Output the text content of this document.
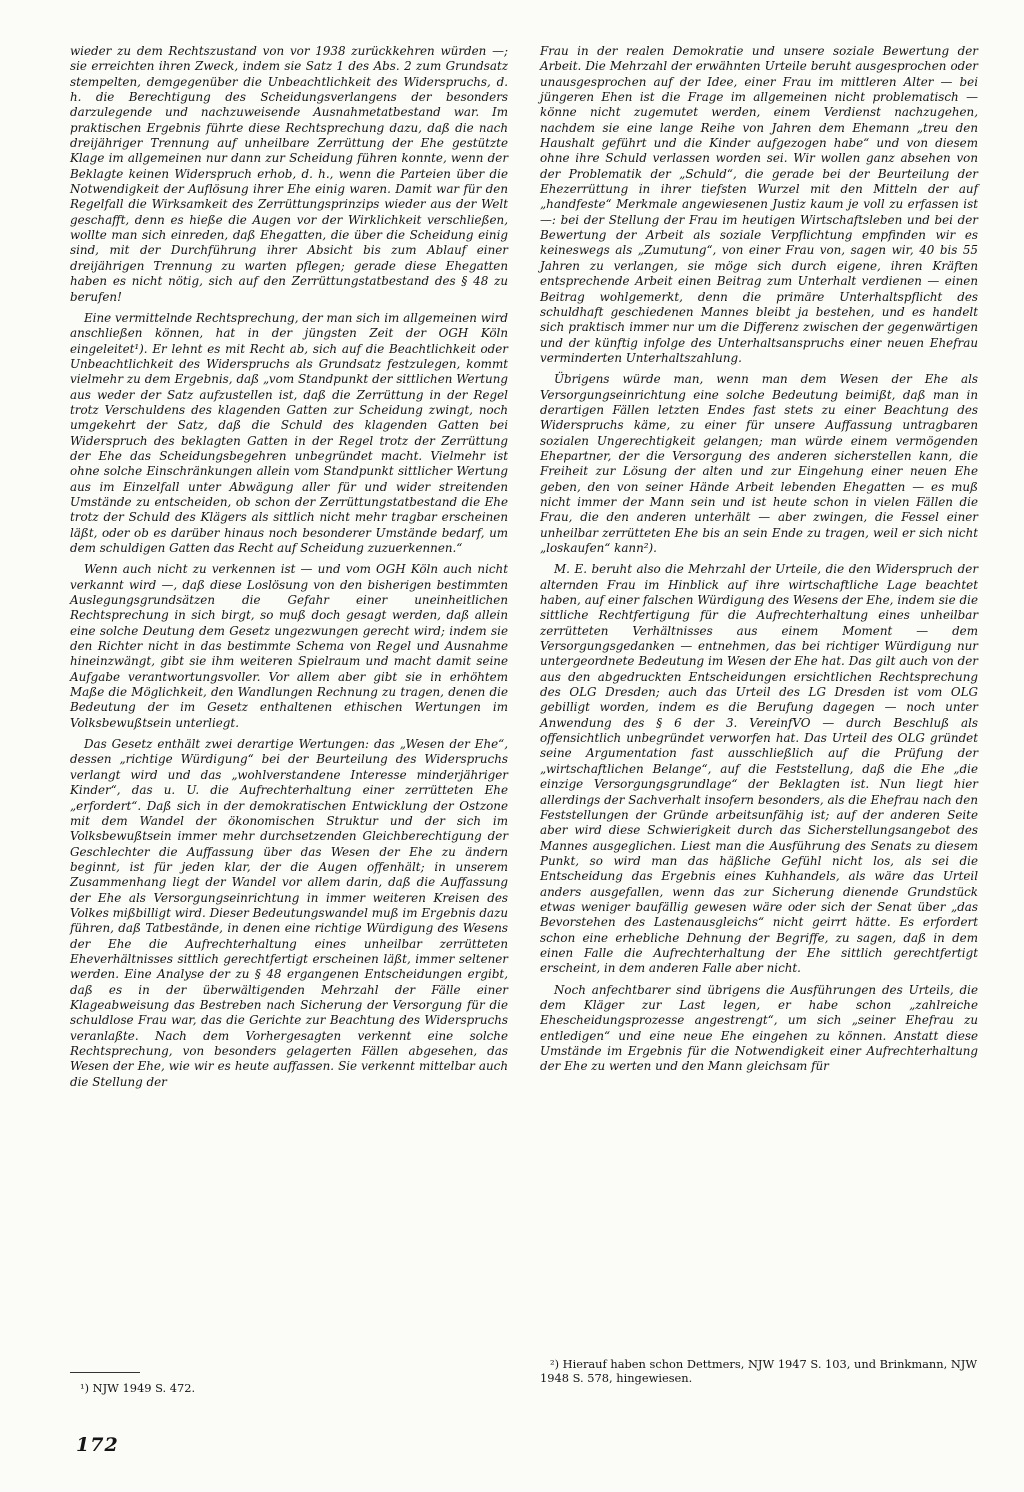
wieder zu dem Rechtszustand von vor 1938 zurückkehren würden —; sie erreichten ihren Zweck, indem sie Satz 1 des Abs. 2 zum Grundsatz stempelten, demgegenüber die Unbeachtlichkeit des Widerspruchs, d. h. die Berechtigung des Scheidungsverlangens der besonders darzulegende und nachzuweisende Ausnahmetatbestand war. Im praktischen Ergebnis führte diese Rechtsprechung dazu, daß die nach dreijähriger Trennung auf unheilbare Zerrüttung der Ehe gestützte Klage im allgemeinen nur dann zur Scheidung führen konnte, wenn der Beklagte keinen Widerspruch erhob, d. h., wenn die Parteien über die Notwendigkeit der Auflösung ihrer Ehe einig waren. Damit war für den Regelfall die Wirksamkeit des Zerrüttungsprinzips wieder aus der Welt geschafft, denn es hieße die Augen vor der Wirklichkeit verschließen, wollte man sich einreden, daß Ehegatten, die über die Scheidung einig sind, mit der Durchführung ihrer Absicht bis zum Ablauf einer dreijährigen Trennung zu warten pflegen; gerade diese Ehegatten haben es nicht nötig, sich auf den Zerrüttungstatbestand des § 48 zu berufen!

Eine vermittelnde Rechtsprechung, der man sich im allgemeinen wird anschließen können, hat in der jüngsten Zeit der OGH Köln eingeleitet¹). Er lehnt es mit Recht ab, sich auf die Beachtlichkeit oder Unbeachtlichkeit des Widerspruchs als Grundsatz festzulegen, kommt vielmehr zu dem Ergebnis, daß „vom Standpunkt der sittlichen Wertung aus weder der Satz aufzustellen ist, daß die Zerrüttung in der Regel trotz Verschuldens des klagenden Gatten zur Scheidung zwingt, noch umgekehrt der Satz, daß die Schuld des klagenden Gatten bei Widerspruch des beklagten Gatten in der Regel trotz der Zerrüttung der Ehe das Scheidungsbegehren unbegründet macht. Vielmehr ist ohne solche Einschränkungen allein vom Standpunkt sittlicher Wertung aus im Einzelfall unter Abwägung aller für und wider streitenden Umstände zu entscheiden, ob schon der Zerrüttungstatbestand die Ehe trotz der Schuld des Klägers als sittlich nicht mehr tragbar erscheinen läßt, oder ob es darüber hinaus noch besonderer Umstände bedarf, um dem schuldigen Gatten das Recht auf Scheidung zuzuerkennen.“

Wenn auch nicht zu verkennen ist — und vom OGH Köln auch nicht verkannt wird —, daß diese Loslösung von den bisherigen bestimmten Auslegungsgrundsätzen die Gefahr einer uneinheitlichen Rechtsprechung in sich birgt, so muß doch gesagt werden, daß allein eine solche Deutung dem Gesetz ungezwungen gerecht wird; indem sie den Richter nicht in das bestimmte Schema von Regel und Ausnahme hineinzwängt, gibt sie ihm weiteren Spielraum und macht damit seine Aufgabe verantwortungsvoller. Vor allem aber gibt sie in erhöhtem Maße die Möglichkeit, den Wandlungen Rechnung zu tragen, denen die Bedeutung der im Gesetz enthaltenen ethischen Wertungen im Volksbewußtsein unterliegt.

Das Gesetz enthält zwei derartige Wertungen: das „Wesen der Ehe“, dessen „richtige Würdigung“ bei der Beurteilung des Widerspruchs verlangt wird und das „wohlverstandene Interesse minderjähriger Kinder“, das u. U. die Aufrechterhaltung einer zerrütteten Ehe „erfordert“. Daß sich in der demokratischen Entwicklung der Ostzone mit dem Wandel der ökonomischen Struktur und der sich im Volksbewußtsein immer mehr durchsetzenden Gleichberechtigung der Geschlechter die Auffassung über das Wesen der Ehe zu ändern beginnt, ist für jeden klar, der die Augen offenhält; in unserem Zusammenhang liegt der Wandel vor allem darin, daß die Auffassung der Ehe als Versorgungseinrichtung in immer weiteren Kreisen des Volkes mißbilligt wird. Dieser Bedeutungswandel muß im Ergebnis dazu führen, daß Tatbestände, in denen eine richtige Würdigung des Wesens der Ehe die Aufrechterhaltung eines unheilbar zerrütteten Eheverhältnisses sittlich gerechtfertigt erscheinen läßt, immer seltener werden. Eine Analyse der zu § 48 ergangenen Entscheidungen ergibt, daß es in der überwältigenden Mehrzahl der Fälle einer Klageabweisung das Bestreben nach Sicherung der Versorgung für die schuldlose Frau war, das die Gerichte zur Beachtung des Widerspruchs veranlaßte. Nach dem Vorhergesagten verkennt eine solche Rechtsprechung, von besonders gelagerten Fällen abgesehen, das Wesen der Ehe, wie wir es heute auffassen. Sie verkennt mittelbar auch die Stellung der

Frau in der realen Demokratie und unsere soziale Bewertung der Arbeit. Die Mehrzahl der erwähnten Urteile beruht ausgesprochen oder unausgesprochen auf der Idee, einer Frau im mittleren Alter — bei jüngeren Ehen ist die Frage im allgemeinen nicht problematisch — könne nicht zugemutet werden, einem Verdienst nachzugehen, nachdem sie eine lange Reihe von Jahren dem Ehemann „treu den Haushalt geführt und die Kinder aufgezogen habe“ und von diesem ohne ihre Schuld verlassen worden sei. Wir wollen ganz absehen von der Problematik der „Schuld“, die gerade bei der Beurteilung der Ehezerrüttung in ihrer tiefsten Wurzel mit den Mitteln der auf „handfeste“ Merkmale angewiesenen Justiz kaum je voll zu erfassen ist —: bei der Stellung der Frau im heutigen Wirtschaftsleben und bei der Bewertung der Arbeit als soziale Verpflichtung empfinden wir es keineswegs als „Zumutung“, von einer Frau von, sagen wir, 40 bis 55 Jahren zu verlangen, sie möge sich durch eigene, ihren Kräften entsprechende Arbeit einen Beitrag zum Unterhalt verdienen — einen Beitrag wohlgemerkt, denn die primäre Unterhaltspflicht des schuldhaft geschiedenen Mannes bleibt ja bestehen, und es handelt sich praktisch immer nur um die Differenz zwischen der gegenwärtigen und der künftig infolge des Unterhaltsanspruchs einer neuen Ehefrau verminderten Unterhaltszahlung.

Übrigens würde man, wenn man dem Wesen der Ehe als Versorgungseinrichtung eine solche Bedeutung beimißt, daß man in derartigen Fällen letzten Endes fast stets zu einer Beachtung des Widerspruchs käme, zu einer für unsere Auffassung untragbaren sozialen Ungerechtigkeit gelangen; man würde einem vermögenden Ehepartner, der die Versorgung des anderen sicherstellen kann, die Freiheit zur Lösung der alten und zur Eingehung einer neuen Ehe geben, den von seiner Hände Arbeit lebenden Ehegatten — es muß nicht immer der Mann sein und ist heute schon in vielen Fällen die Frau, die den anderen unterhält — aber zwingen, die Fessel einer unheilbar zerrütteten Ehe bis an sein Ende zu tragen, weil er sich nicht „loskaufen“ kann²).

M. E. beruht also die Mehrzahl der Urteile, die den Widerspruch der alternden Frau im Hinblick auf ihre wirtschaftliche Lage beachtet haben, auf einer falschen Würdigung des Wesens der Ehe, indem sie die sittliche Rechtfertigung für die Aufrechterhaltung eines unheilbar zerrütteten Verhältnisses aus einem Moment — dem Versorgungsgedanken — entnehmen, das bei richtiger Würdigung nur untergeordnete Bedeutung im Wesen der Ehe hat. Das gilt auch von der aus den abgedruckten Entscheidungen ersichtlichen Rechtsprechung des OLG Dresden; auch das Urteil des LG Dresden ist vom OLG gebilligt worden, indem es die Berufung dagegen — noch unter Anwendung des § 6 der 3. VereinfVO — durch Beschluß als offensichtlich unbegründet verworfen hat. Das Urteil des OLG gründet seine Argumentation fast ausschließlich auf die Prüfung der „wirtschaftlichen Belange“, auf die Feststellung, daß die Ehe „die einzige Versorgungsgrundlage“ der Beklagten ist. Nun liegt hier allerdings der Sachverhalt insofern besonders, als die Ehefrau nach den Feststellungen der Gründe arbeitsunfähig ist; auf der anderen Seite aber wird diese Schwierigkeit durch das Sicherstellungsangebot des Mannes ausgeglichen. Liest man die Ausführung des Senats zu diesem Punkt, so wird man das häßliche Gefühl nicht los, als sei die Entscheidung das Ergebnis eines Kuhhandels, als wäre das Urteil anders ausgefallen, wenn das zur Sicherung dienende Grundstück etwas weniger baufällig gewesen wäre oder sich der Senat über „das Bevorstehen des Lastenausgleichs“ nicht geirrt hätte. Es erfordert schon eine erhebliche Dehnung der Begriffe, zu sagen, daß in dem einen Falle die Aufrechterhaltung der Ehe sittlich gerechtfertigt erscheint, in dem anderen Falle aber nicht.

Noch anfechtbarer sind übrigens die Ausführungen des Urteils, die dem Kläger zur Last legen, er habe schon „zahlreiche Ehescheidungsprozesse angestrengt“, um sich „seiner Ehefrau zu entledigen“ und eine neue Ehe eingehen zu können. Anstatt diese Umstände im Ergebnis für die Notwendigkeit einer Aufrechterhaltung der Ehe zu werten und den Mann gleichsam für

¹) NJW 1949 S. 472.

²) Hierauf haben schon Dettmers, NJW 1947 S. 103, und Brinkmann, NJW 1948 S. 578, hingewiesen.

172
